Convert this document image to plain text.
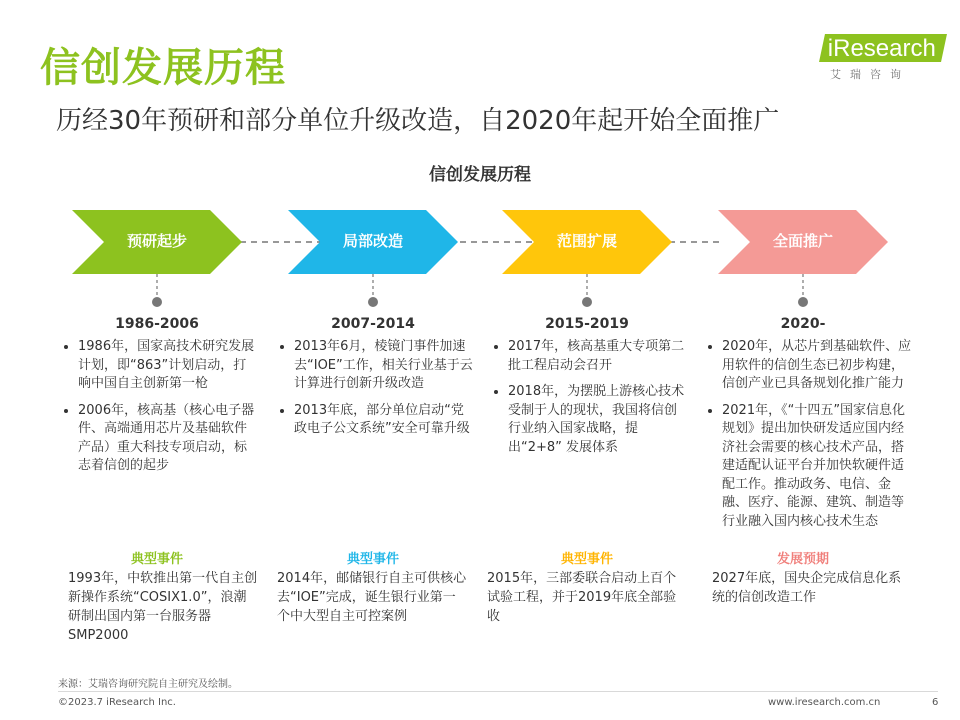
信创发展历程
历经30年预研和部分单位升级改造，自2020年起开始全面推广
iResearch
艾瑞咨询
信创发展历程
预研起步	局部改造	范围扩展	全面推广
1986-2006	2007-2014	2015-2019	2020-
• 1986年，国家高技术研究发展计划，即“863”计划启动，打响中国自主创新第一枪
• 2006年，核高基（核心电子器件、高端通用芯片及基础软件产品）重大科技专项启动，标志着信创的起步
• 2013年6月，棱镜门事件加速去“IOE”工作，相关行业基于云计算进行创新升级改造
• 2013年底，部分单位启动“党政电子公文系统”安全可靠升级
• 2017年，核高基重大专项第二批工程启动会召开
• 2018年，为摆脱上游核心技术受制于人的现状，我国将信创行业纳入国家战略，提出“2+8” 发展体系
• 2020年，从芯片到基础软件、应用软件的信创生态已初步构建，信创产业已具备规划化推广能力
• 2021年，《“十四五”国家信息化规划》提出加快研发适应国内经济社会需要的核心技术产品，搭建适配认证平台并加快软硬件适配工作。推动政务、电信、金融、医疗、能源、建筑、制造等行业融入国内核心技术生态
典型事件	典型事件	典型事件	发展预期
1993年，中软推出第一代自主创新操作系统“COSIX1.0”，浪潮研制出国内第一台服务器SMP2000
2014年，邮储银行自主可供核心去“IOE”完成，诞生银行业第一个中大型自主可控案例
2015年，三部委联合启动上百个试验工程，并于2019年底全部验收
2027年底，国央企完成信息化系统的信创改造工作
来源：艾瑞咨询研究院自主研究及绘制。
©2023.7 iResearch Inc.	www.iresearch.com.cn	6
